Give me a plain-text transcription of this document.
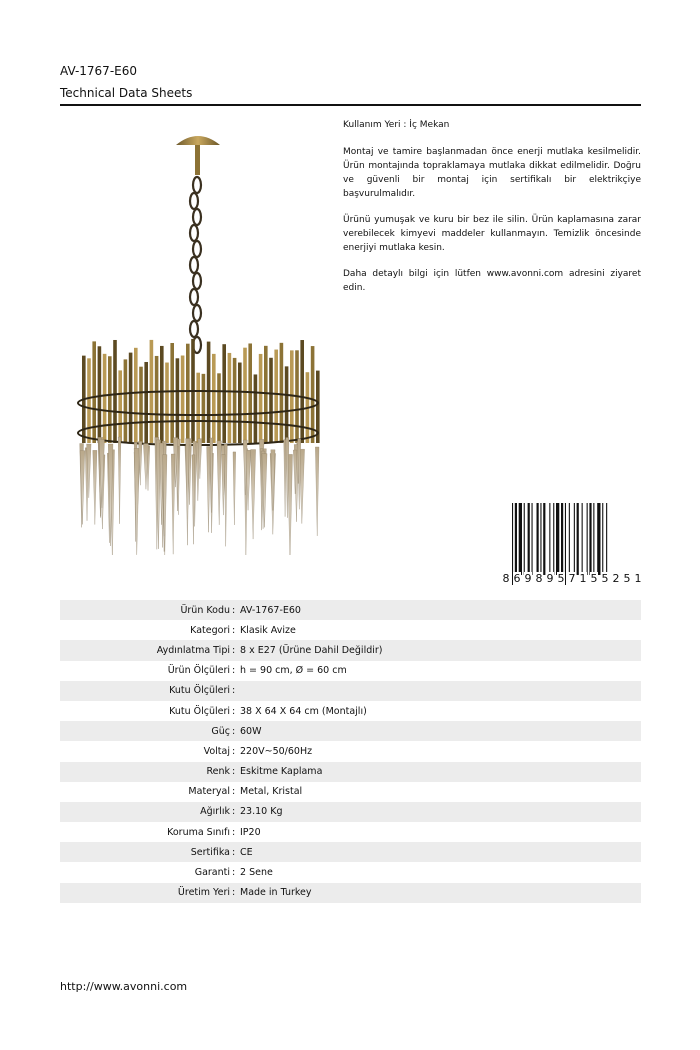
AV-1767-E60
Technical Data Sheets

Kullanım Yeri : İç Mekan

Montaj ve tamire başlanmadan önce enerji mutlaka kesilmelidir. Ürün montajında topraklamaya mutlaka dikkat edilmelidir. Doğru ve güvenli bir montaj için sertifikalı bir elektrikçiye başvurulmalıdır.

Ürünü yumuşak ve kuru bir bez ile silin. Ürün kaplamasına zarar verebilecek kimyevi maddeler kullanmayın. Temizlik öncesinde enerjiyi mutlaka kesin.

Daha detaylı bilgi için lütfen www.avonni.com adresini ziyaret edin.

8 6 9 8 9 5 7 1 5 5 2 5 1
Ürün Kodu : AV-1767-E60
Kategori : Klasik Avize
Aydınlatma Tipi : 8 x E27 (Ürüne Dahil Değildir)
Ürün Ölçüleri : h = 90 cm, Ø = 60 cm
Kutu Ölçüleri :
Kutu Ölçüleri : 38 X 64 X 64 cm (Montajlı)
Güç : 60W
Voltaj : 220V~50/60Hz
Renk : Eskitme Kaplama
Materyal : Metal, Kristal
Ağırlık : 23.10 Kg
Koruma Sınıfı : IP20
Sertifika : CE
Garanti : 2 Sene
Üretim Yeri : Made in Turkey
http://www.avonni.com
